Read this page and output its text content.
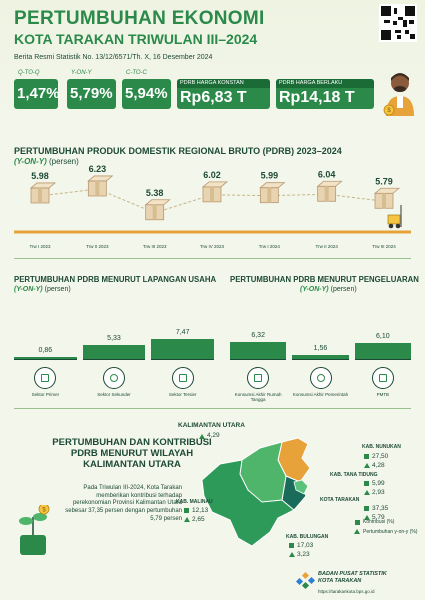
PERTUMBUHAN EKONOMI
KOTA TARAKAN TRIWULAN III–2024
Berita Resmi Statistik No. 13/12/6571/Th. X, 16 Desember 2024
Q-TO-Q
1,47%
Y-ON-Y
5,79%
C-TO-C
5,94%
PDRB HARGA KONSTAN
Rp6,83 T
PDRB HARGA BERLAKU
Rp14,18 T
$
PERTUMBUHAN PRODUK DOMESTIK REGIONAL BRUTO (PDRB) 2023–2024
(Y-ON-Y) (persen)
5.98
Trw I 2023
6.23
Trw II 2023
5.38
Trw III 2023
6.02
Trw IV 2023
5.99
Trw I 2024
6.04
Trw II 2024
5.79
Trw III 2024
PERTUMBUHAN PDRB MENURUT LAPANGAN USAHA
(Y-ON-Y) (persen)
0,86
Sektor Primer
5,33
Sektor Sekunder
7,47
Sektor Tersier
PERTUMBUHAN PDRB MENURUT PENGELUARAN
(Y-ON-Y) (persen)
6,32
Konsumsi Akhir Rumah Tangga
1,56
Konsumsi Akhir Pemerintah
6,10
PMTB
$
PERTUMBUHAN DAN KONTRIBUSI PDRB MENURUT WILAYAH KALIMANTAN UTARA
Pada Triwulan III-2024, Kota Tarakan memberikan kontribusi terhadap perekonomian Provinsi Kalimantan Utara sebesar 37,35 persen dengan pertumbuhan 5,79 persen
KALIMANTAN UTARA
4,29
KAB. NUNUKAN
27,50
4,28
KAB. TANA TIDUNG
5,99
2,93
KOTA TARAKAN
37,35
5,79
KAB. MALINAU
12,13
2,65
KAB. BULUNGAN
17,03
3,23
Kontribusi (%)
Pertumbuhan y-on-y (%)
BADAN PUSAT STATISTIK
KOTA TARAKAN
https://tarakankota.bps.go.id
